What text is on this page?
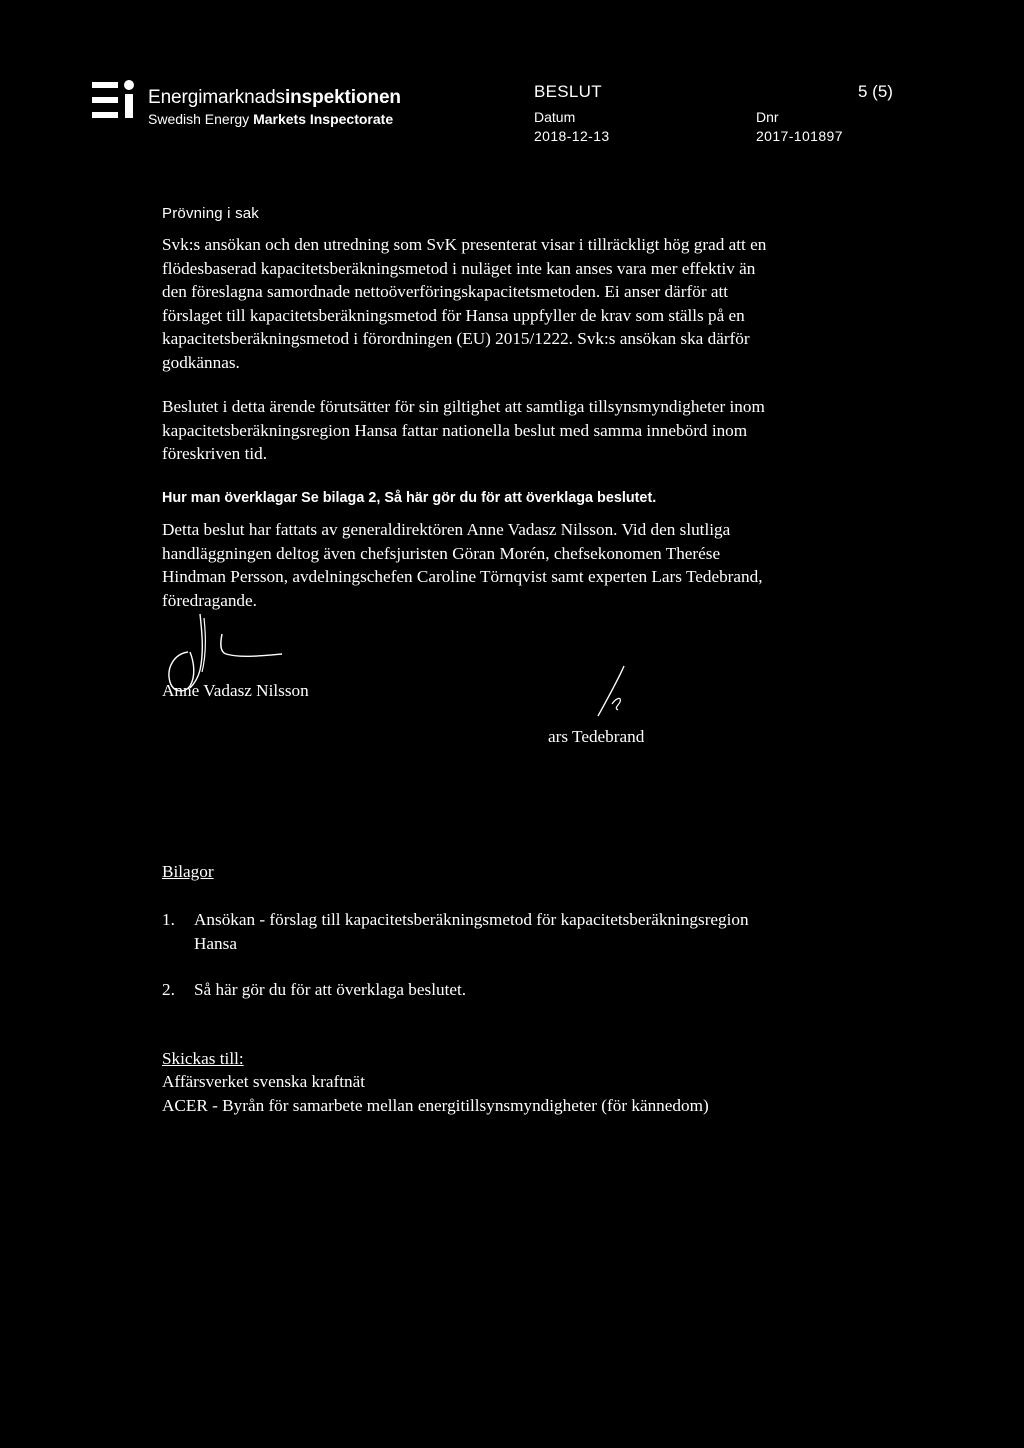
Energimarknadsinspektionen
Swedish Energy Markets Inspectorate
BESLUT	5 (5)
Datum
2018-12-13
Dnr
2017-101897
Prövning i sak
Svk:s ansökan och den utredning som SvK presenterat visar i tillräckligt hög grad att en
flödesbaserad kapacitetsberäkningsmetod i nuläget inte kan anses vara mer effektiv än
den föreslagna samordnade nettoöverföringskapacitetsmetoden. Ei anser därför att
förslaget till kapacitetsberäkningsmetod för Hansa uppfyller de krav som ställs på en
kapacitetsberäkningsmetod i förordningen (EU) 2015/1222. Svk:s ansökan ska därför
godkännas.
Beslutet i detta ärende förutsätter för sin giltighet att samtliga tillsynsmyndigheter inom
kapacitetsberäkningsregion Hansa fattar nationella beslut med samma innebörd inom
föreskriven tid.
Hur man överklagar Se bilaga 2, Så här gör du för att överklaga beslutet.
Detta beslut har fattats av generaldirektören Anne Vadasz Nilsson. Vid den slutliga
handläggningen deltog även chefsjuristen Göran Morén, chefsekonomen Therése
Hindman Persson, avdelningschefen Caroline Törnqvist samt experten Lars Tedebrand,
föredragande.
Anne Vadasz Nilsson
ars Tedebrand
Bilagor
1. Ansökan - förslag till kapacitetsberäkningsmetod för kapacitetsberäkningsregion
Hansa
2. Så här gör du för att överklaga beslutet.
Skickas till:
Affärsverket svenska kraftnät
ACER - Byrån för samarbete mellan energitillsynsmyndigheter (för kännedom)
